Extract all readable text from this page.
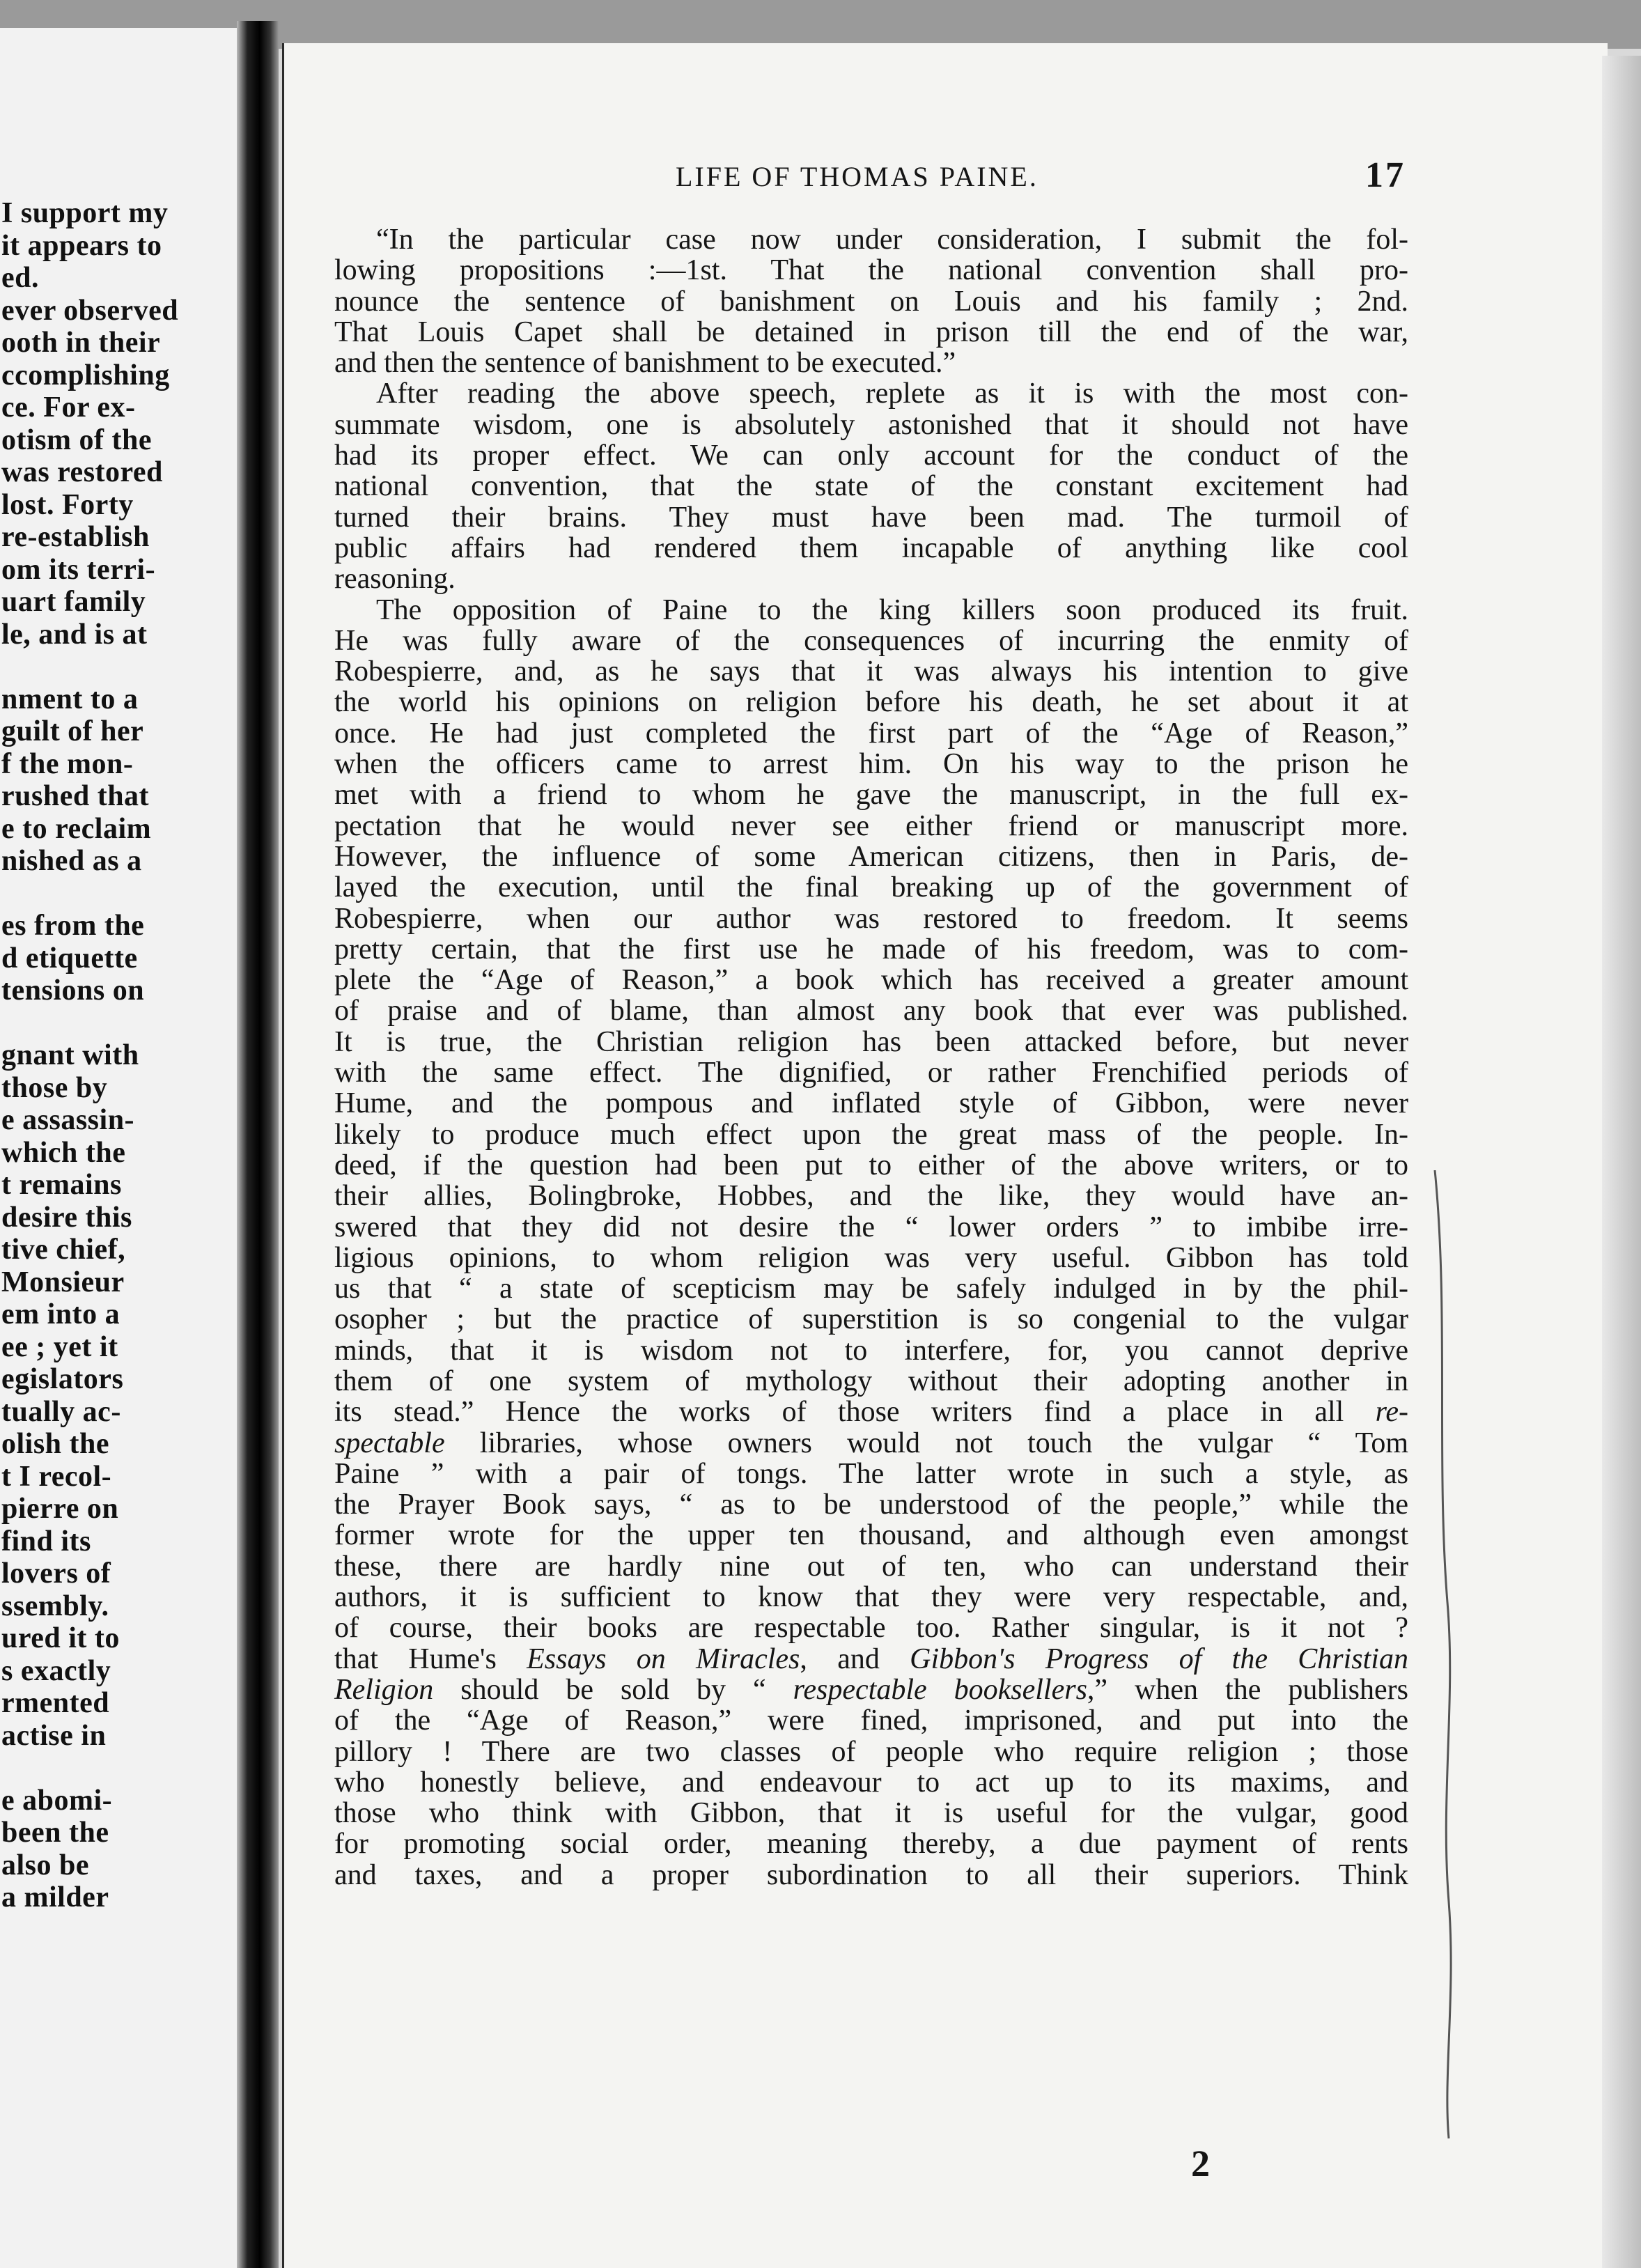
I support my
it appears to
ed.
ever observed
ooth in their
ccomplishing
ce. For ex-
otism of the
was restored
lost. Forty
re-establish
om its terri-
uart family
le, and is at
nment to a
guilt of her
f the mon-
rushed that
e to reclaim
nished as a
es from the
d etiquette
tensions on
gnant with
those by
e assassin-
which the
t remains
desire this
tive chief,
Monsieur
em into a
ee ; yet it
egislators
tually ac-
olish the
t I recol-
pierre on
find its
lovers of
ssembly.
ured it to
s exactly
rmented
actise in
e abomi-
been the
also be
a milder
LIFE OF THOMAS PAINE.	17
“In the particular case now under consideration, I submit the fol-
lowing propositions :—1st. That the national convention shall pro-
nounce the sentence of banishment on Louis and his family ; 2nd.
That Louis Capet shall be detained in prison till the end of the war,
and then the sentence of banishment to be executed.”
After reading the above speech, replete as it is with the most con-
summate wisdom, one is absolutely astonished that it should not have
had its proper effect. We can only account for the conduct of the
national convention, that the state of the constant excitement had
turned their brains. They must have been mad. The turmoil of
public affairs had rendered them incapable of anything like cool
reasoning.
The opposition of Paine to the king killers soon produced its fruit.
He was fully aware of the consequences of incurring the enmity of
Robespierre, and, as he says that it was always his intention to give
the world his opinions on religion before his death, he set about it at
once. He had just completed the first part of the “Age of Reason,”
when the officers came to arrest him. On his way to the prison he
met with a friend to whom he gave the manuscript, in the full ex-
pectation that he would never see either friend or manuscript more.
However, the influence of some American citizens, then in Paris, de-
layed the execution, until the final breaking up of the government of
Robespierre, when our author was restored to freedom. It seems
pretty certain, that the first use he made of his freedom, was to com-
plete the “Age of Reason,” a book which has received a greater amount
of praise and of blame, than almost any book that ever was published.
It is true, the Christian religion has been attacked before, but never
with the same effect. The dignified, or rather Frenchified periods of
Hume, and the pompous and inflated style of Gibbon, were never
likely to produce much effect upon the great mass of the people. In-
deed, if the question had been put to either of the above writers, or to
their allies, Bolingbroke, Hobbes, and the like, they would have an-
swered that they did not desire the “ lower orders ” to imbibe irre-
ligious opinions, to whom religion was very useful. Gibbon has told
us that “ a state of scepticism may be safely indulged in by the phil-
osopher ; but the practice of superstition is so congenial to the vulgar
minds, that it is wisdom not to interfere, for, you cannot deprive
them of one system of mythology without their adopting another in
its stead.” Hence the works of those writers find a place in all re-
spectable libraries, whose owners would not touch the vulgar “ Tom
Paine ” with a pair of tongs. The latter wrote in such a style, as
the Prayer Book says, “ as to be understood of the people,” while the
former wrote for the upper ten thousand, and although even amongst
these, there are hardly nine out of ten, who can understand their
authors, it is sufficient to know that they were very respectable, and,
of course, their books are respectable too. Rather singular, is it not ?
that Hume's Essays on Miracles, and Gibbon's Progress of the Christian
Religion should be sold by “ respectable booksellers,” when the publishers
of the “Age of Reason,” were fined, imprisoned, and put into the
pillory ! There are two classes of people who require religion ; those
who honestly believe, and endeavour to act up to its maxims, and
those who think with Gibbon, that it is useful for the vulgar, good
for promoting social order, meaning thereby, a due payment of rents
and taxes, and a proper subordination to all their superiors. Think
2
